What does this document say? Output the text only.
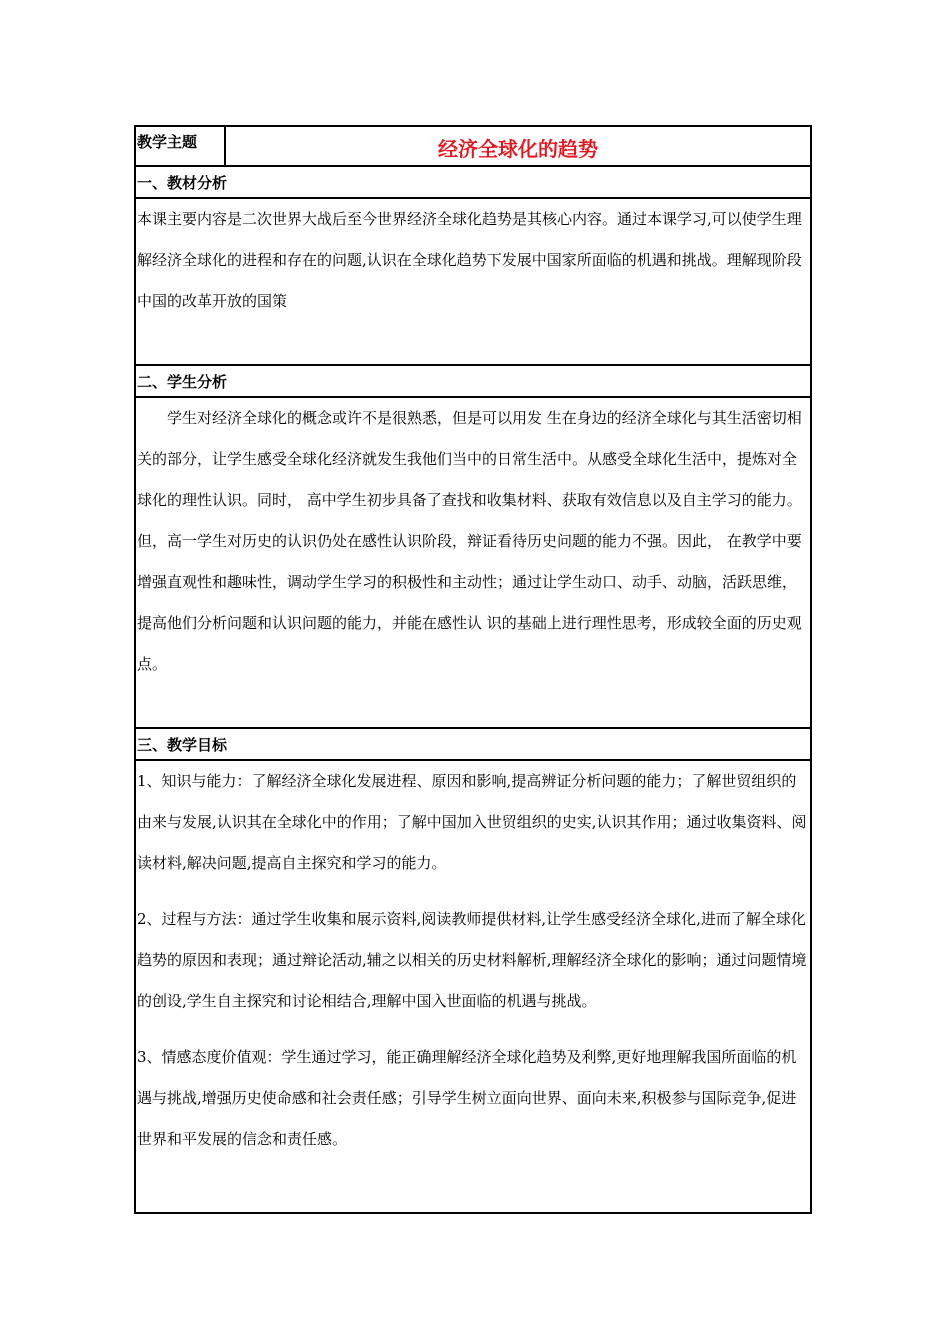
教学主题	经济全球化的趋势
一、教材分析

本课主要内容是二次世界大战后至今世界经济全球化趋势是其核心内容。通过本课学习,可以使学生理解经济全球化的进程和存在的问题,认识在全球化趋势下发展中国家所面临的机遇和挑战。理解现阶段中国的改革开放的国策

二、学生分析

学生对经济全球化的概念或许不是很熟悉，但是可以用发 生在身边的经济全球化与其生活密切相关的部分，让学生感受全球化经济就发生我他们当中的日常生活中。从感受全球化生活中，提炼对全球化的理性认识。同时， 高中学生初步具备了查找和收集材料、获取有效信息以及自主学习的能力。但，高一学生对历史的认识仍处在感性认识阶段，辩证看待历史问题的能力不强。因此， 在教学中要增强直观性和趣味性，调动学生学习的积极性和主动性；通过让学生动口、动手、动脑，活跃思维，提高他们分析问题和认识问题的能力，并能在感性认 识的基础上进行理性思考，形成较全面的历史观点。

三、教学目标

1、知识与能力：了解经济全球化发展进程、原因和影响,提高辨证分析问题的能力；了解世贸组织的由来与发展,认识其在全球化中的作用；了解中国加入世贸组织的史实,认识其作用；通过收集资料、阅读材料,解决问题,提高自主探究和学习的能力。

2、过程与方法：通过学生收集和展示资料,阅读教师提供材料,让学生感受经济全球化,进而了解全球化趋势的原因和表现；通过辩论活动,辅之以相关的历史材料解析,理解经济全球化的影响；通过问题情境的创设,学生自主探究和讨论相结合,理解中国入世面临的机遇与挑战。

3、情感态度价值观：学生通过学习，能正确理解经济全球化趋势及利弊,更好地理解我国所面临的机遇与挑战,增强历史使命感和社会责任感；引导学生树立面向世界、面向未来,积极参与国际竞争,促进世界和平发展的信念和责任感。
